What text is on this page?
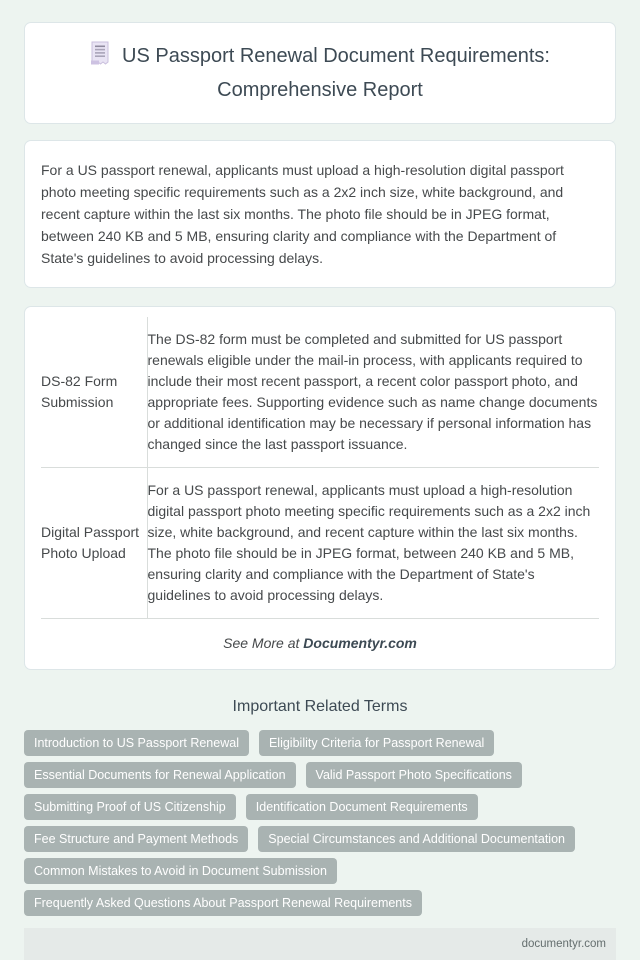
US Passport Renewal Document Requirements: Comprehensive Report

For a US passport renewal, applicants must upload a high-resolution digital passport photo meeting specific requirements such as a 2x2 inch size, white background, and recent capture within the last six months. The photo file should be in JPEG format, between 240 KB and 5 MB, ensuring clarity and compliance with the Department of State's guidelines to avoid processing delays.

DS-82 Form Submission	The DS-82 form must be completed and submitted for US passport renewals eligible under the mail-in process, with applicants required to include their most recent passport, a recent color passport photo, and appropriate fees. Supporting evidence such as name change documents or additional identification may be necessary if personal information has changed since the last passport issuance.
Digital Passport Photo Upload	For a US passport renewal, applicants must upload a high-resolution digital passport photo meeting specific requirements such as a 2x2 inch size, white background, and recent capture within the last six months. The photo file should be in JPEG format, between 240 KB and 5 MB, ensuring clarity and compliance with the Department of State's guidelines to avoid processing delays.
See More at Documentyr.com
Important Related Terms
Introduction to US Passport Renewal	Eligibility Criteria for Passport Renewal
Essential Documents for Renewal Application	Valid Passport Photo Specifications
Submitting Proof of US Citizenship	Identification Document Requirements
Fee Structure and Payment Methods	Special Circumstances and Additional Documentation
Common Mistakes to Avoid in Document Submission
Frequently Asked Questions About Passport Renewal Requirements
documentyr.com
